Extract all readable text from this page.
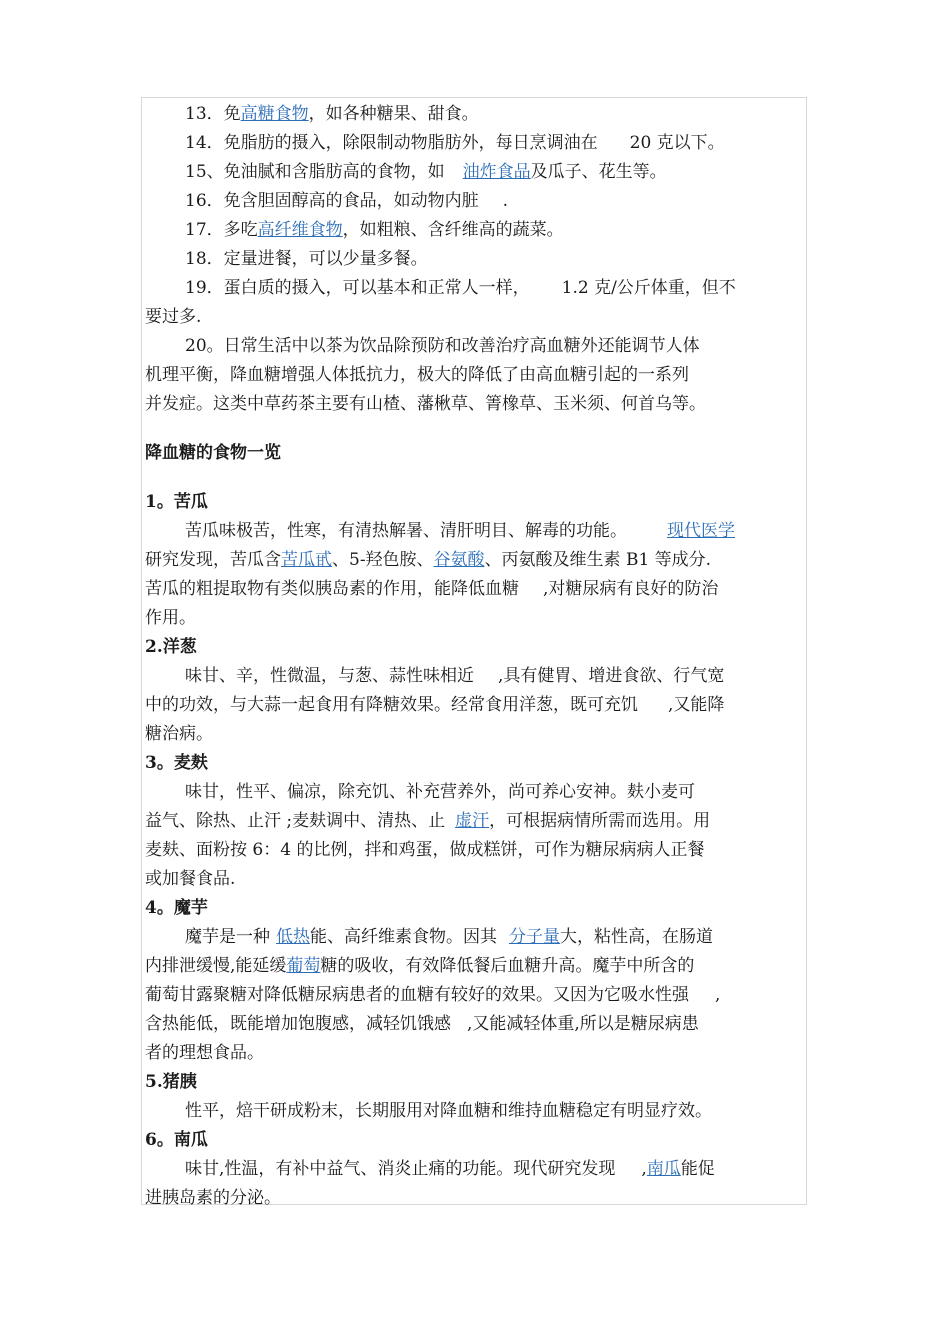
13．免高糖食物，如各种糖果、甜食。
14．免脂肪的摄入，除限制动物脂肪外，每日烹调油在 20 克以下。
15、免油腻和含脂肪高的食物，如 油炸食品及瓜子、花生等。
16．免含胆固醇高的食品，如动物内脏 .
17．多吃高纤维食物，如粗粮、含纤维高的蔬菜。
18．定量进餐，可以少量多餐。
19．蛋白质的摄入，可以基本和正常人一样， 1.2 克/公斤体重，但不
要过多.
20。日常生活中以茶为饮品除预防和改善治疗高血糖外还能调节人体
机理平衡，降血糖增强人体抵抗力，极大的降低了由高血糖引起的一系列
并发症。这类中草药茶主要有山楂、藩楸草、箐橡草、玉米须、何首乌等。
降血糖的食物一览
1。苦瓜
苦瓜味极苦，性寒，有清热解暑、清肝明目、解毒的功能。 现代医学
研究发现，苦瓜含苦瓜甙、5-羟色胺、谷氨酸、丙氨酸及维生素 B1 等成分.
苦瓜的粗提取物有类似胰岛素的作用，能降低血糖 ,对糖尿病有良好的防治
作用。
2.洋葱
味甘、辛，性微温，与葱、蒜性味相近 ,具有健胃、增进食欲、行气宽
中的功效，与大蒜一起食用有降糖效果。经常食用洋葱，既可充饥 ,又能降
糖治病。
3。麦麸
味甘，性平、偏凉，除充饥、补充营养外，尚可养心安神。麸小麦可
益气、除热、止汗 ;麦麸调中、清热、止 虚汗，可根据病情所需而选用。用
麦麸、面粉按 6：4 的比例，拌和鸡蛋，做成糕饼，可作为糖尿病病人正餐
或加餐食品.
4。魔芋
魔芋是一种 低热能、高纤维素食物。因其 分子量大，粘性高，在肠道
内排泄缓慢,能延缓葡萄糖的吸收，有效降低餐后血糖升高。魔芋中所含的
葡萄甘露聚糖对降低糖尿病患者的血糖有较好的效果。又因为它吸水性强 ,
含热能低，既能增加饱腹感，减轻饥饿感 ,又能减轻体重,所以是糖尿病患
者的理想食品。
5.猪胰
性平，焙干研成粉末，长期服用对降血糖和维持血糖稳定有明显疗效。
6。南瓜
味甘,性温，有补中益气、消炎止痛的功能。现代研究发现 ,南瓜能促
进胰岛素的分泌。
